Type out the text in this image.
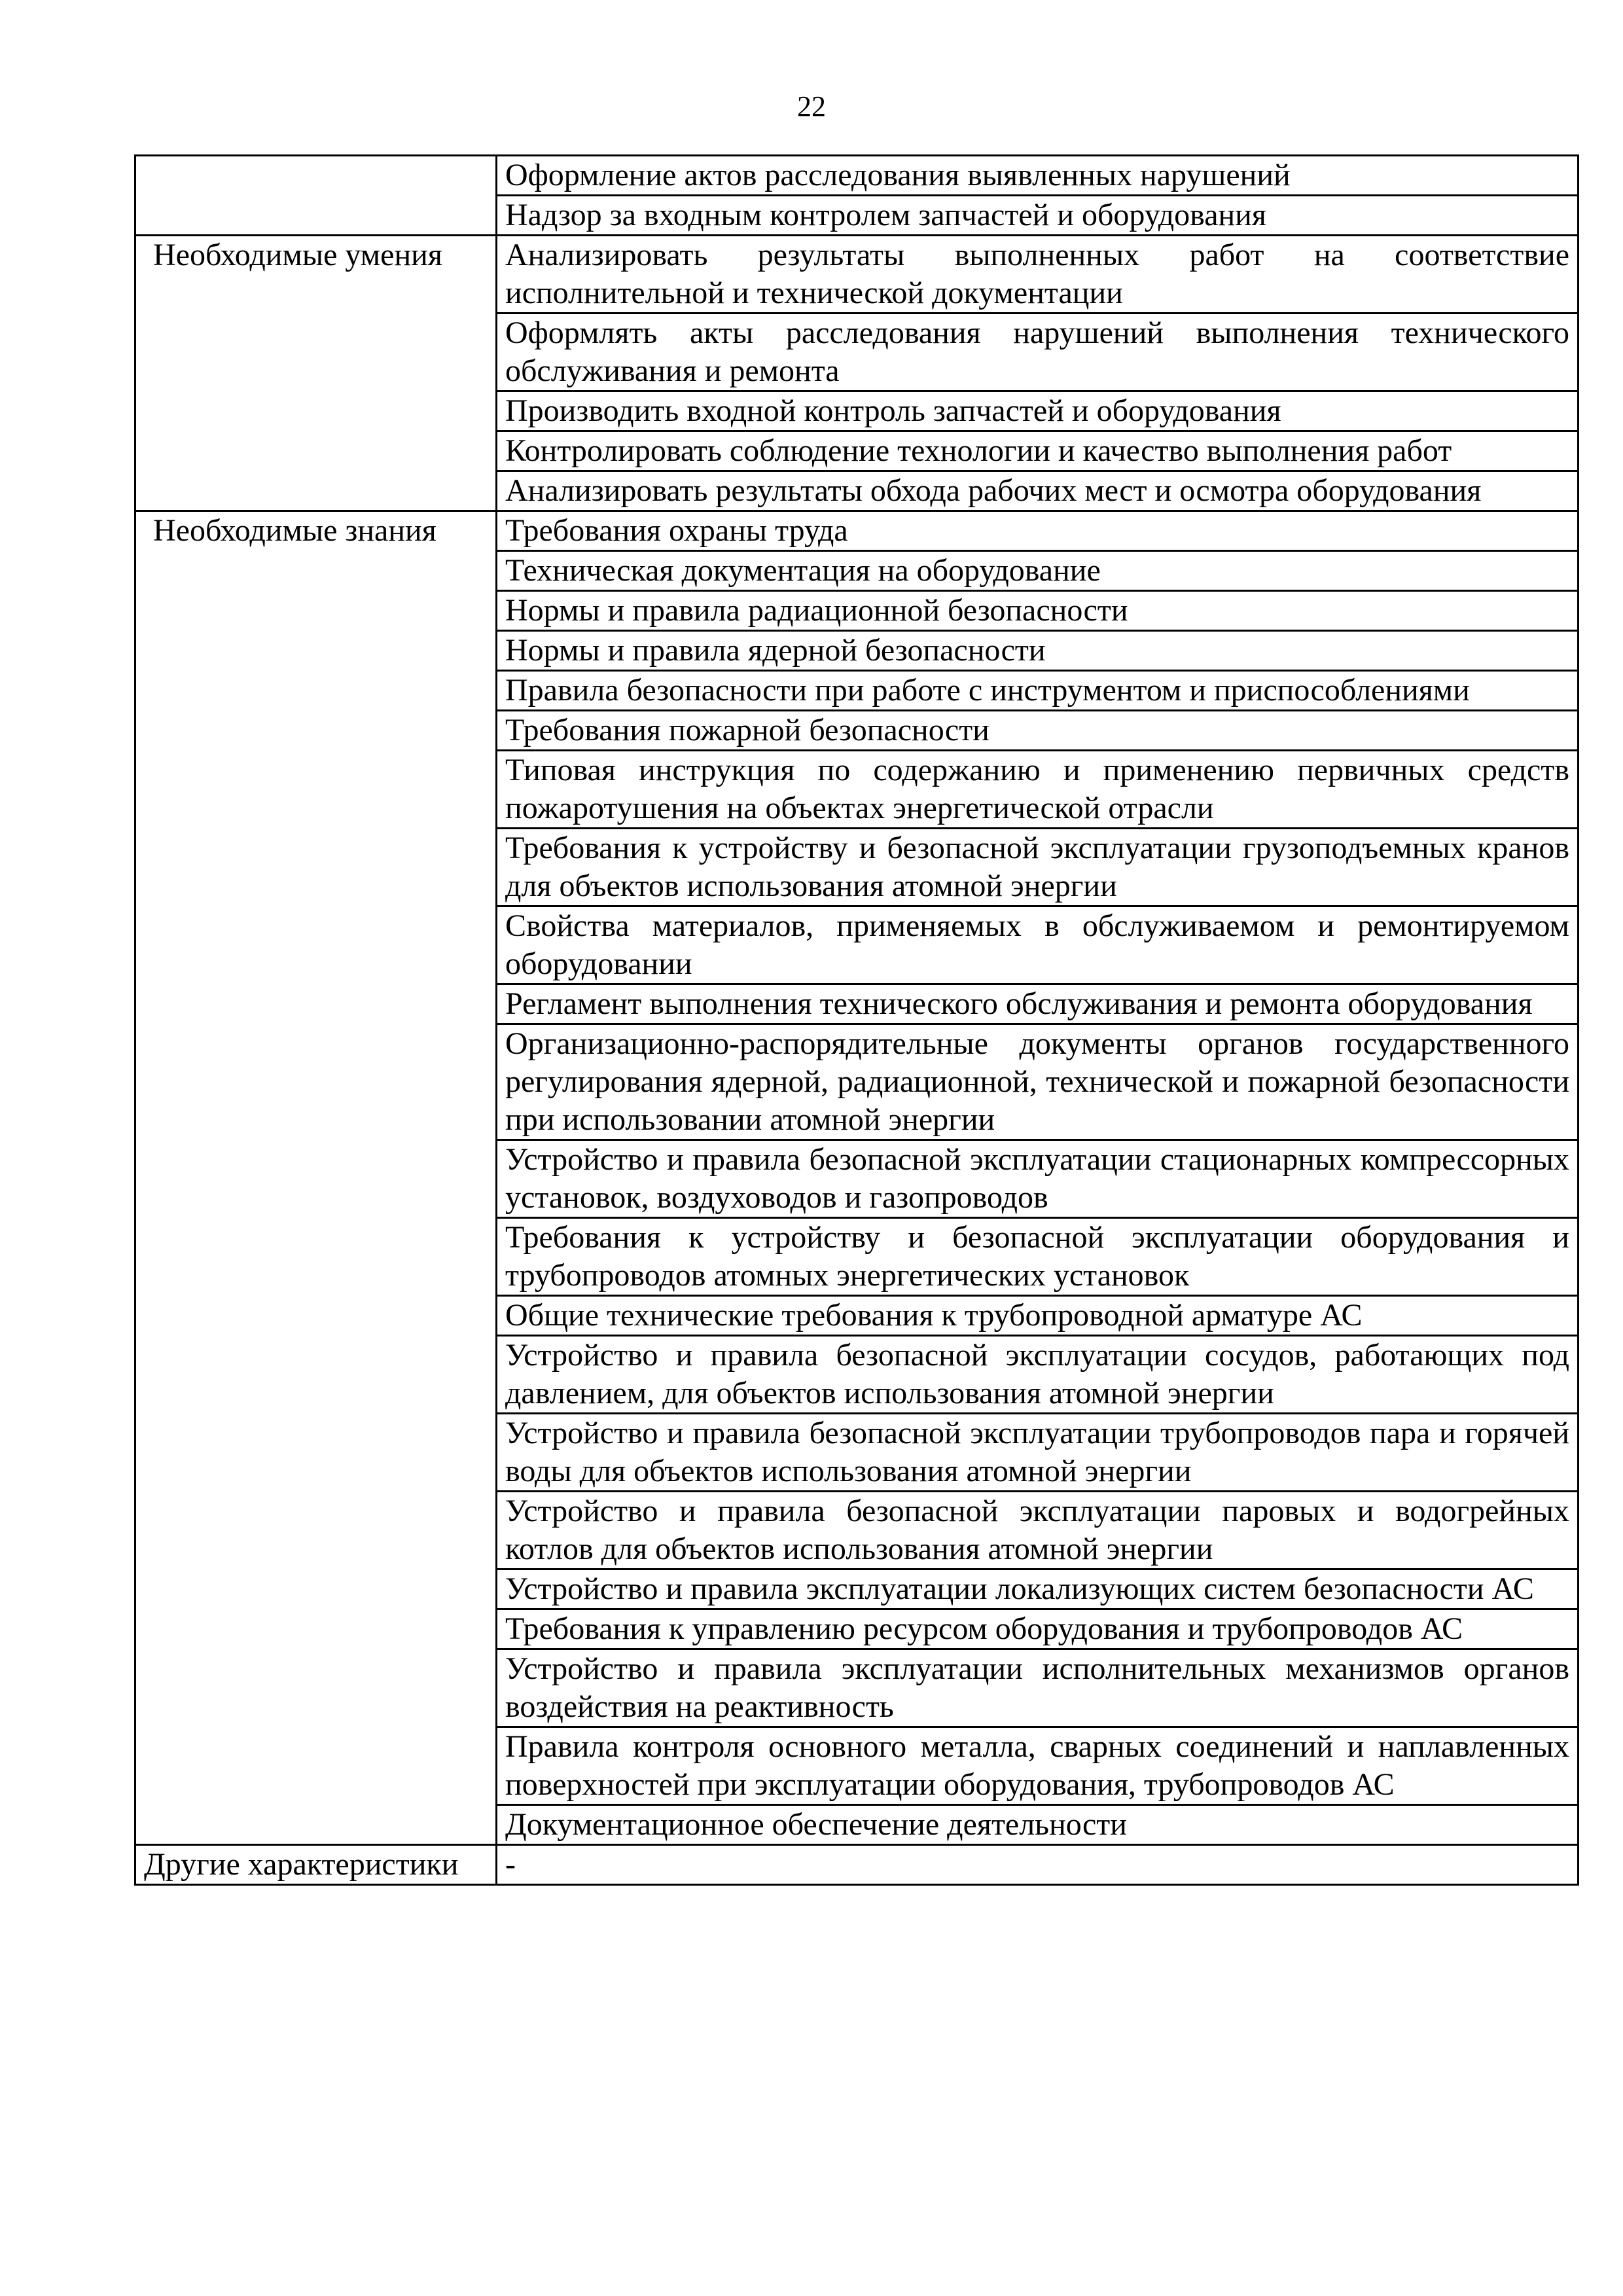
22
	Оформление актов расследования выявленных нарушений
	Надзор за входным контролем запчастей и оборудования
Необходимые умения	Анализировать результаты выполненных работ на соответствие исполнительной и технической документации
	Оформлять акты расследования нарушений выполнения технического обслуживания и ремонта
	Производить входной контроль запчастей и оборудования
	Контролировать соблюдение технологии и качество выполнения работ
	Анализировать результаты обхода рабочих мест и осмотра оборудования
Необходимые знания	Требования охраны труда
	Техническая документация на оборудование
	Нормы и правила радиационной безопасности
	Нормы и правила ядерной безопасности
	Правила безопасности при работе с инструментом и приспособлениями
	Требования пожарной безопасности
	Типовая инструкция по содержанию и применению первичных средств пожаротушения на объектах энергетической отрасли
	Требования к устройству и безопасной эксплуатации грузоподъемных кранов для объектов использования атомной энергии
	Свойства материалов, применяемых в обслуживаемом и ремонтируемом оборудовании
	Регламент выполнения технического обслуживания и ремонта оборудования
	Организационно-распорядительные документы органов государственного регулирования ядерной, радиационной, технической и пожарной безопасности при использовании атомной энергии
	Устройство и правила безопасной эксплуатации стационарных компрессорных установок, воздуховодов и газопроводов
	Требования к устройству и безопасной эксплуатации оборудования и трубопроводов атомных энергетических установок
	Общие технические требования к трубопроводной арматуре АС
	Устройство и правила безопасной эксплуатации сосудов, работающих под давлением, для объектов использования атомной энергии
	Устройство и правила безопасной эксплуатации трубопроводов пара и горячей воды для объектов использования атомной энергии
	Устройство и правила безопасной эксплуатации паровых и водогрейных котлов для объектов использования атомной энергии
	Устройство и правила эксплуатации локализующих систем безопасности АС
	Требования к управлению ресурсом оборудования и трубопроводов АС
	Устройство и правила эксплуатации исполнительных механизмов органов воздействия на реактивность
	Правила контроля основного металла, сварных соединений и наплавленных поверхностей при эксплуатации оборудования, трубопроводов АС
	Документационное обеспечение деятельности
Другие характеристики	-
